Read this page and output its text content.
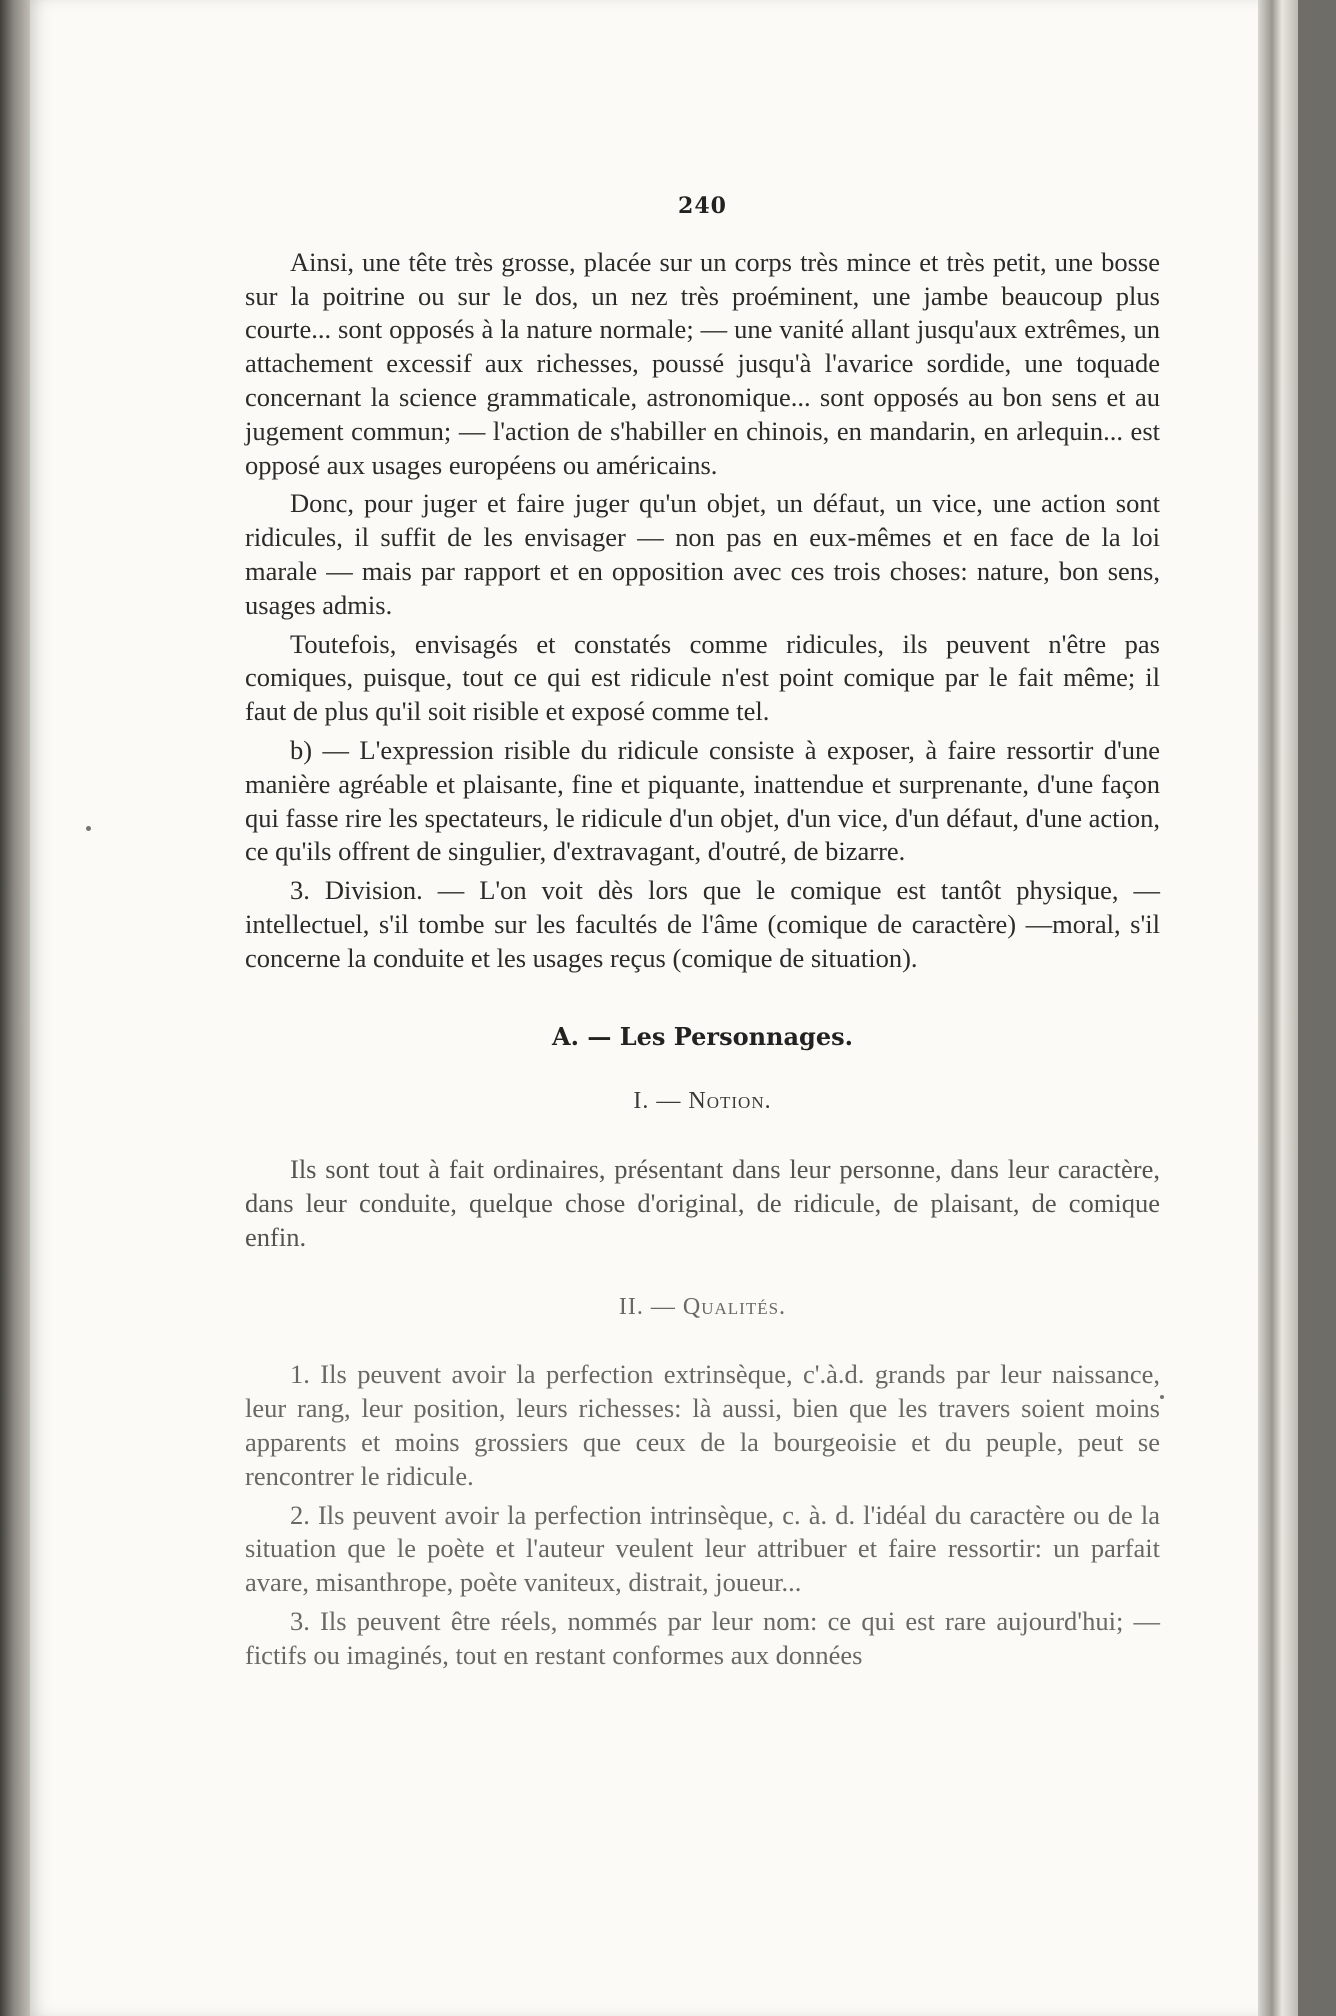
240

Ainsi, une tête très grosse, placée sur un corps très mince et très petit, une bosse sur la poitrine ou sur le dos, un nez très proéminent, une jambe beaucoup plus courte... sont opposés à la nature normale; — une vanité allant jusqu'aux extrêmes, un attachement excessif aux richesses, poussé jusqu'à l'avarice sordide, une toquade concernant la science grammaticale, astronomique... sont opposés au bon sens et au jugement commun; — l'action de s'habiller en chinois, en mandarin, en arlequin... est opposé aux usages européens ou américains.

Donc, pour juger et faire juger qu'un objet, un défaut, un vice, une action sont ridicules, il suffit de les envisager — non pas en eux-mêmes et en face de la loi marale — mais par rapport et en opposition avec ces trois choses: nature, bon sens, usages admis.

Toutefois, envisagés et constatés comme ridicules, ils peuvent n'être pas comiques, puisque, tout ce qui est ridicule n'est point comique par le fait même; il faut de plus qu'il soit risible et exposé comme tel.

b) — L'expression risible du ridicule consiste à exposer, à faire ressortir d'une manière agréable et plaisante, fine et piquante, inattendue et surprenante, d'une façon qui fasse rire les spectateurs, le ridicule d'un objet, d'un vice, d'un défaut, d'une action, ce qu'ils offrent de singulier, d'extravagant, d'outré, de bizarre.

3. Division. — L'on voit dès lors que le comique est tantôt physique, —intellectuel, s'il tombe sur les facultés de l'âme (comique de caractère) —moral, s'il concerne la conduite et les usages reçus (comique de situation).

A. — Les Personnages.
I. — Notion.

Ils sont tout à fait ordinaires, présentant dans leur personne, dans leur caractère, dans leur conduite, quelque chose d'original, de ridicule, de plaisant, de comique enfin.

II. — Qualités.

1. Ils peuvent avoir la perfection extrinsèque, c'.à.d. grands par leur naissance, leur rang, leur position, leurs richesses: là aussi, bien que les travers soient moins apparents et moins grossiers que ceux de la bourgeoisie et du peuple, peut se rencontrer le ridicule.

2. Ils peuvent avoir la perfection intrinsèque, c. à. d. l'idéal du caractère ou de la situation que le poète et l'auteur veulent leur attribuer et faire ressortir: un parfait avare, misanthrope, poète vaniteux, distrait, joueur...

3. Ils peuvent être réels, nommés par leur nom: ce qui est rare aujourd'hui; — fictifs ou imaginés, tout en restant conformes aux données
